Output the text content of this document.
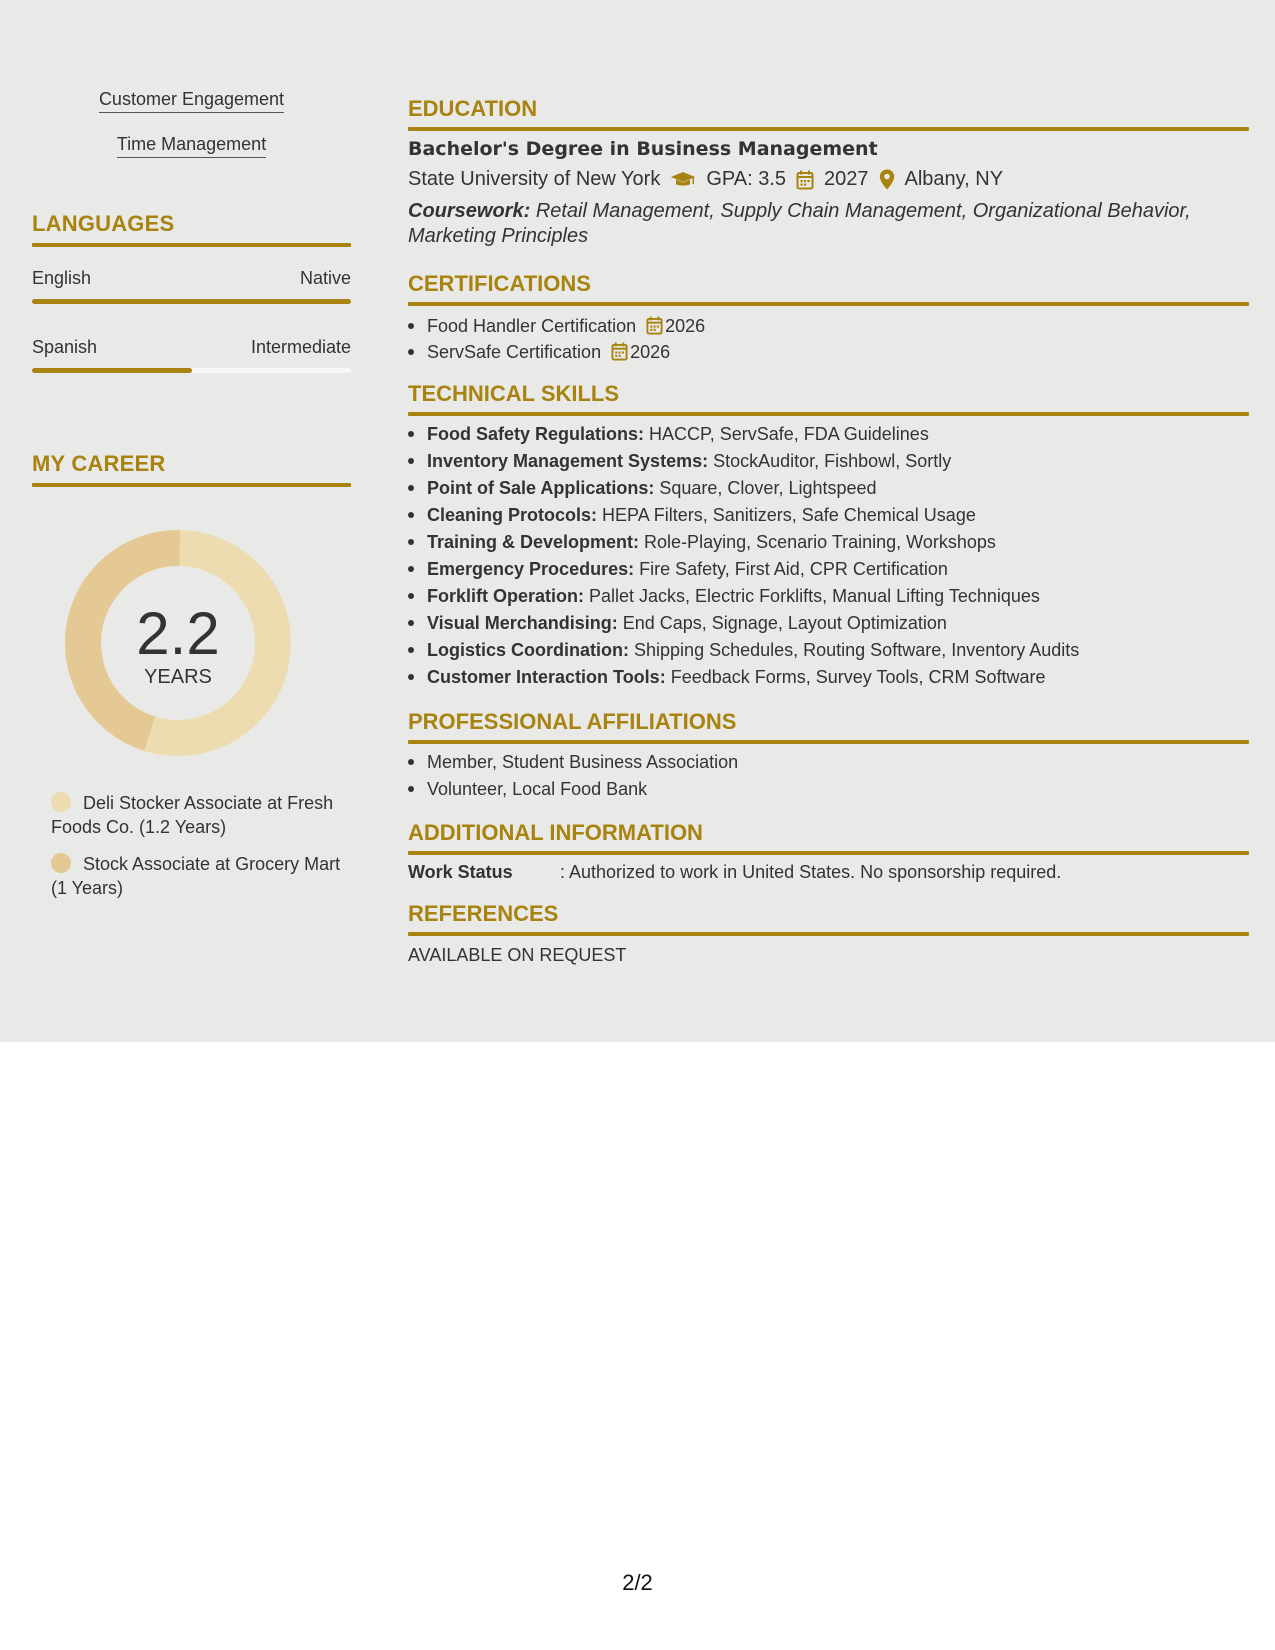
Customer Engagement
Time Management
LANGUAGES
English	Native
Spanish	Intermediate
MY CAREER
2.2
YEARS
Deli Stocker Associate at Fresh Foods Co. (1.2 Years)
Stock Associate at Grocery Mart (1 Years)
EDUCATION
Bachelor's Degree in Business Management
State University of New York GPA: 3.5 2027 Albany, NY
Coursework: Retail Management, Supply Chain Management, Organizational Behavior, Marketing Principles
CERTIFICATIONS
Food Handler Certification 2026
ServSafe Certification 2026
TECHNICAL SKILLS
Food Safety Regulations: HACCP, ServSafe, FDA Guidelines
Inventory Management Systems: StockAuditor, Fishbowl, Sortly
Point of Sale Applications: Square, Clover, Lightspeed
Cleaning Protocols: HEPA Filters, Sanitizers, Safe Chemical Usage
Training & Development: Role-Playing, Scenario Training, Workshops
Emergency Procedures: Fire Safety, First Aid, CPR Certification
Forklift Operation: Pallet Jacks, Electric Forklifts, Manual Lifting Techniques
Visual Merchandising: End Caps, Signage, Layout Optimization
Logistics Coordination: Shipping Schedules, Routing Software, Inventory Audits
Customer Interaction Tools: Feedback Forms, Survey Tools, CRM Software
PROFESSIONAL AFFILIATIONS
Member, Student Business Association
Volunteer, Local Food Bank
ADDITIONAL INFORMATION
Work Status	: Authorized to work in United States. No sponsorship required.
REFERENCES
AVAILABLE ON REQUEST
2/2
